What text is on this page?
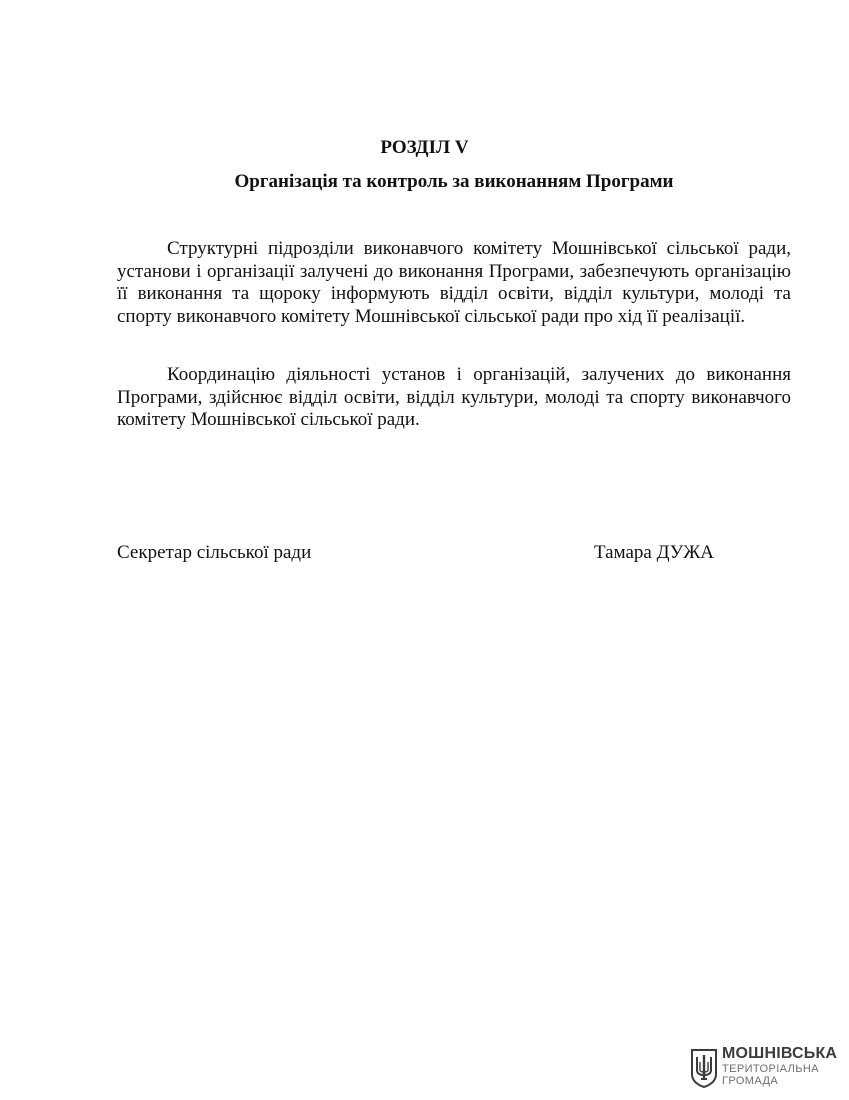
РОЗДІЛ V
Організація та контроль за виконанням Програми

Структурні підрозділи виконавчого комітету Мошнівської сільської ради, установи і організації залучені до виконання Програми, забезпечують організацію її виконання та щороку інформують відділ освіти, відділ культури, молоді та спорту виконавчого комітету Мошнівської сільської ради про хід її реалізації.

Координацію діяльності установ і організацій, залучених до виконання Програми, здійснює відділ освіти, відділ культури, молоді та спорту виконавчого комітету Мошнівської сільської ради.

Секретар сільської ради	Тамара ДУЖА
МОШНІВСЬКА
ТЕРИТОРІАЛЬНА
ГРОМАДА
